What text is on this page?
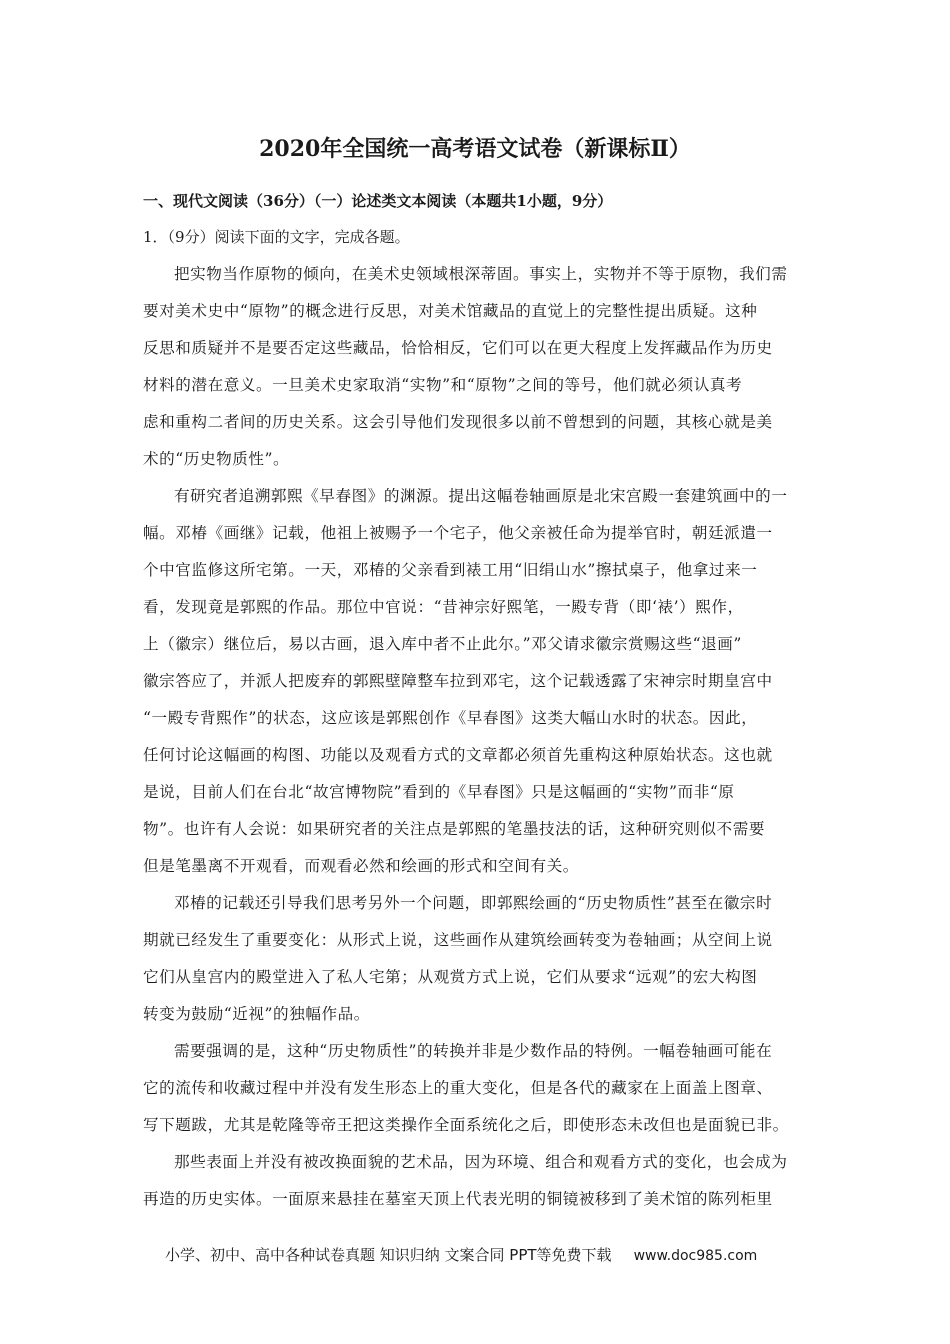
2020年全国统一高考语文试卷（新课标Ⅱ）
一、现代文阅读（36分）（一）论述类文本阅读（本题共1小题，9分）
1．（9分）阅读下面的文字，完成各题。
把实物当作原物的倾向，在美术史领域根深蒂固。事实上，实物并不等于原物，我们需
要对美术史中“原物”的概念进行反思，对美术馆藏品的直觉上的完整性提出质疑。这种
反思和质疑并不是要否定这些藏品，恰恰相反，它们可以在更大程度上发挥藏品作为历史
材料的潜在意义。一旦美术史家取消“实物”和“原物”之间的等号，他们就必须认真考
虑和重构二者间的历史关系。这会引导他们发现很多以前不曾想到的问题，其核心就是美
术的“历史物质性”。
有研究者追溯郭熙《早春图》的渊源。提出这幅卷轴画原是北宋宫殿一套建筑画中的一
幅。邓椿《画继》记载，他祖上被赐予一个宅子，他父亲被任命为提举官时，朝廷派遣一
个中官监修这所宅第。一天，邓椿的父亲看到裱工用“旧绢山水”擦拭桌子，他拿过来一
看，发现竟是郭熙的作品。那位中官说：“昔神宗好熙笔，一殿专背（即‘裱’）熙作，
上（徽宗）继位后，易以古画，退入库中者不止此尔。”邓父请求徽宗赏赐这些“退画”
徽宗答应了，并派人把废弃的郭熙壁障整车拉到邓宅，这个记载透露了宋神宗时期皇宫中
“一殿专背熙作”的状态，这应该是郭熙创作《早春图》这类大幅山水时的状态。因此，
任何讨论这幅画的构图、功能以及观看方式的文章都必须首先重构这种原始状态。这也就
是说，目前人们在台北“故宫博物院”看到的《早春图》只是这幅画的“实物”而非“原
物”。也许有人会说：如果研究者的关注点是郭熙的笔墨技法的话，这种研究则似不需要
但是笔墨离不开观看，而观看必然和绘画的形式和空间有关。
邓椿的记载还引导我们思考另外一个问题，即郭熙绘画的“历史物质性”甚至在徽宗时
期就已经发生了重要变化：从形式上说，这些画作从建筑绘画转变为卷轴画；从空间上说
它们从皇宫内的殿堂进入了私人宅第；从观赏方式上说，它们从要求“远观”的宏大构图
转变为鼓励“近视”的独幅作品。
需要强调的是，这种“历史物质性”的转换并非是少数作品的特例。一幅卷轴画可能在
它的流传和收藏过程中并没有发生形态上的重大变化，但是各代的藏家在上面盖上图章、
写下题跋，尤其是乾隆等帝王把这类操作全面系统化之后，即使形态未改但也是面貌已非。
那些表面上并没有被改换面貌的艺术品，因为环境、组合和观看方式的变化，也会成为
再造的历史实体。一面原来悬挂在墓室天顶上代表光明的铜镜被移到了美术馆的陈列柜里
小学、初中、高中各种试卷真题 知识归纳 文案合同 PPT等免费下载 www.doc985.com
